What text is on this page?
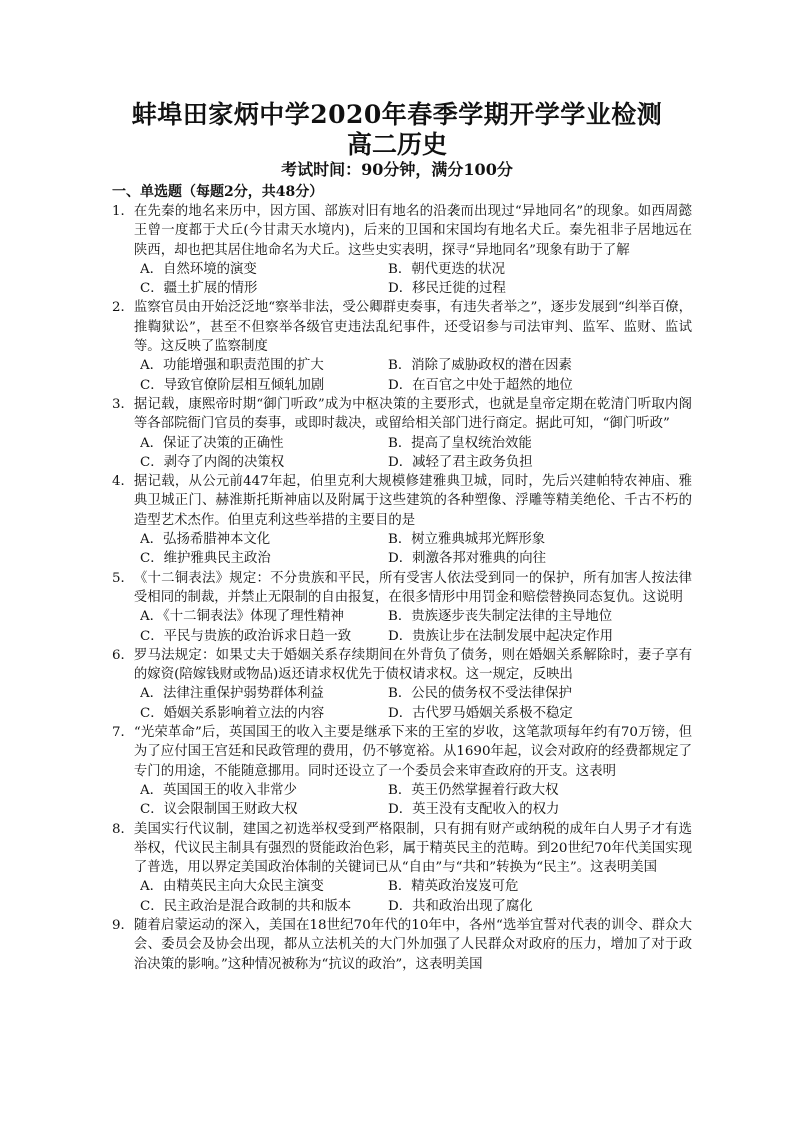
蚌埠田家炳中学2020年春季学期开学学业检测
高二历史
考试时间：90分钟，满分100分
一、单选题（每题2分，共48分）
1． 在先秦的地名来历中，因方国、部族对旧有地名的沿袭而出现过“异地同名”的现象。如西周懿王曾一度都于犬丘(今甘肃天水境内)，后来的卫国和宋国均有地名犬丘。秦先祖非子居地远在陕西，却也把其居住地命名为犬丘。这些史实表明，探寻“异地同名”现象有助于了解
A．自然环境的演变	B．朝代更迭的状况
C．疆土扩展的情形	D．移民迁徙的过程
2． 监察官员由开始泛泛地“察举非法，受公卿群吏奏事，有违失者举之”，逐步发展到“纠举百僚，推鞫狱讼”，甚至不但察举各级官吏违法乱纪事件，还受诏参与司法审判、监军、监财、监试等。这反映了监察制度
A．功能增强和职责范围的扩大	B．消除了威胁政权的潜在因素
C．导致官僚阶层相互倾轧加剧	D．在百官之中处于超然的地位
3． 据记载，康熙帝时期“御门听政”成为中枢决策的主要形式，也就是皇帝定期在乾清门听取内阁等各部院衙门官员的奏事，或即时裁决，或留给相关部门进行商定。据此可知，“御门听政”
A．保证了决策的正确性	B．提高了皇权统治效能
C．剥夺了内阁的决策权	D．减轻了君主政务负担
4． 据记载，从公元前447年起，伯里克利大规模修建雅典卫城，同时，先后兴建帕特农神庙、雅典卫城正门、赫淮斯托斯神庙以及附属于这些建筑的各种塑像、浮雕等精美绝伦、千古不朽的造型艺术杰作。伯里克利这些举措的主要目的是
A．弘扬希腊神本文化	B．树立雅典城邦光辉形象
C．维护雅典民主政治	D．刺激各邦对雅典的向往
5． 《十二铜表法》规定：不分贵族和平民，所有受害人依法受到同一的保护，所有加害人按法律受相同的制裁，并禁止无限制的自由报复，在很多情形中用罚金和赔偿替换同态复仇。这说明
A．《十二铜表法》体现了理性精神	B．贵族逐步丧失制定法律的主导地位
C．平民与贵族的政治诉求日趋一致	D．贵族让步在法制发展中起决定作用
6． 罗马法规定：如果丈夫于婚姻关系存续期间在外背负了债务，则在婚姻关系解除时，妻子享有的嫁资(陪嫁钱财或物品)返还请求权优先于债权请求权。这一规定，反映出
A．法律注重保护弱势群体利益	B．公民的债务权不受法律保护
C．婚姻关系影响着立法的内容	D．古代罗马婚姻关系极不稳定
7． “光荣革命”后，英国国王的收入主要是继承下来的王室的岁收，这笔款项每年约有70万镑，但为了应付国王宫廷和民政管理的费用，仍不够宽裕。从1690年起，议会对政府的经费都规定了专门的用途，不能随意挪用。同时还设立了一个委员会来审查政府的开支。这表明
A．英国国王的收入非常少	B．英王仍然掌握着行政大权
C．议会限制国王财政大权	D．英王没有支配收入的权力
8． 美国实行代议制，建国之初选举权受到严格限制，只有拥有财产或纳税的成年白人男子才有选举权，代议民主制具有强烈的贤能政治色彩，属于精英民主的范畴。到20世纪70年代美国实现了普选，用以界定美国政治体制的关键词已从“自由”与“共和”转换为“民主”。这表明美国
A．由精英民主向大众民主演变	B．精英政治岌岌可危
C．民主政治是混合政制的共和版本	D．共和政治出现了腐化
9． 随着启蒙运动的深入，美国在18世纪70年代的10年中，各州“选举宜誓对代表的训令、群众大会、委员会及协会出现，都从立法机关的大门外加强了人民群众对政府的压力，增加了对于政治决策的影响。”这种情况被称为“抗议的政治”，这表明美国
